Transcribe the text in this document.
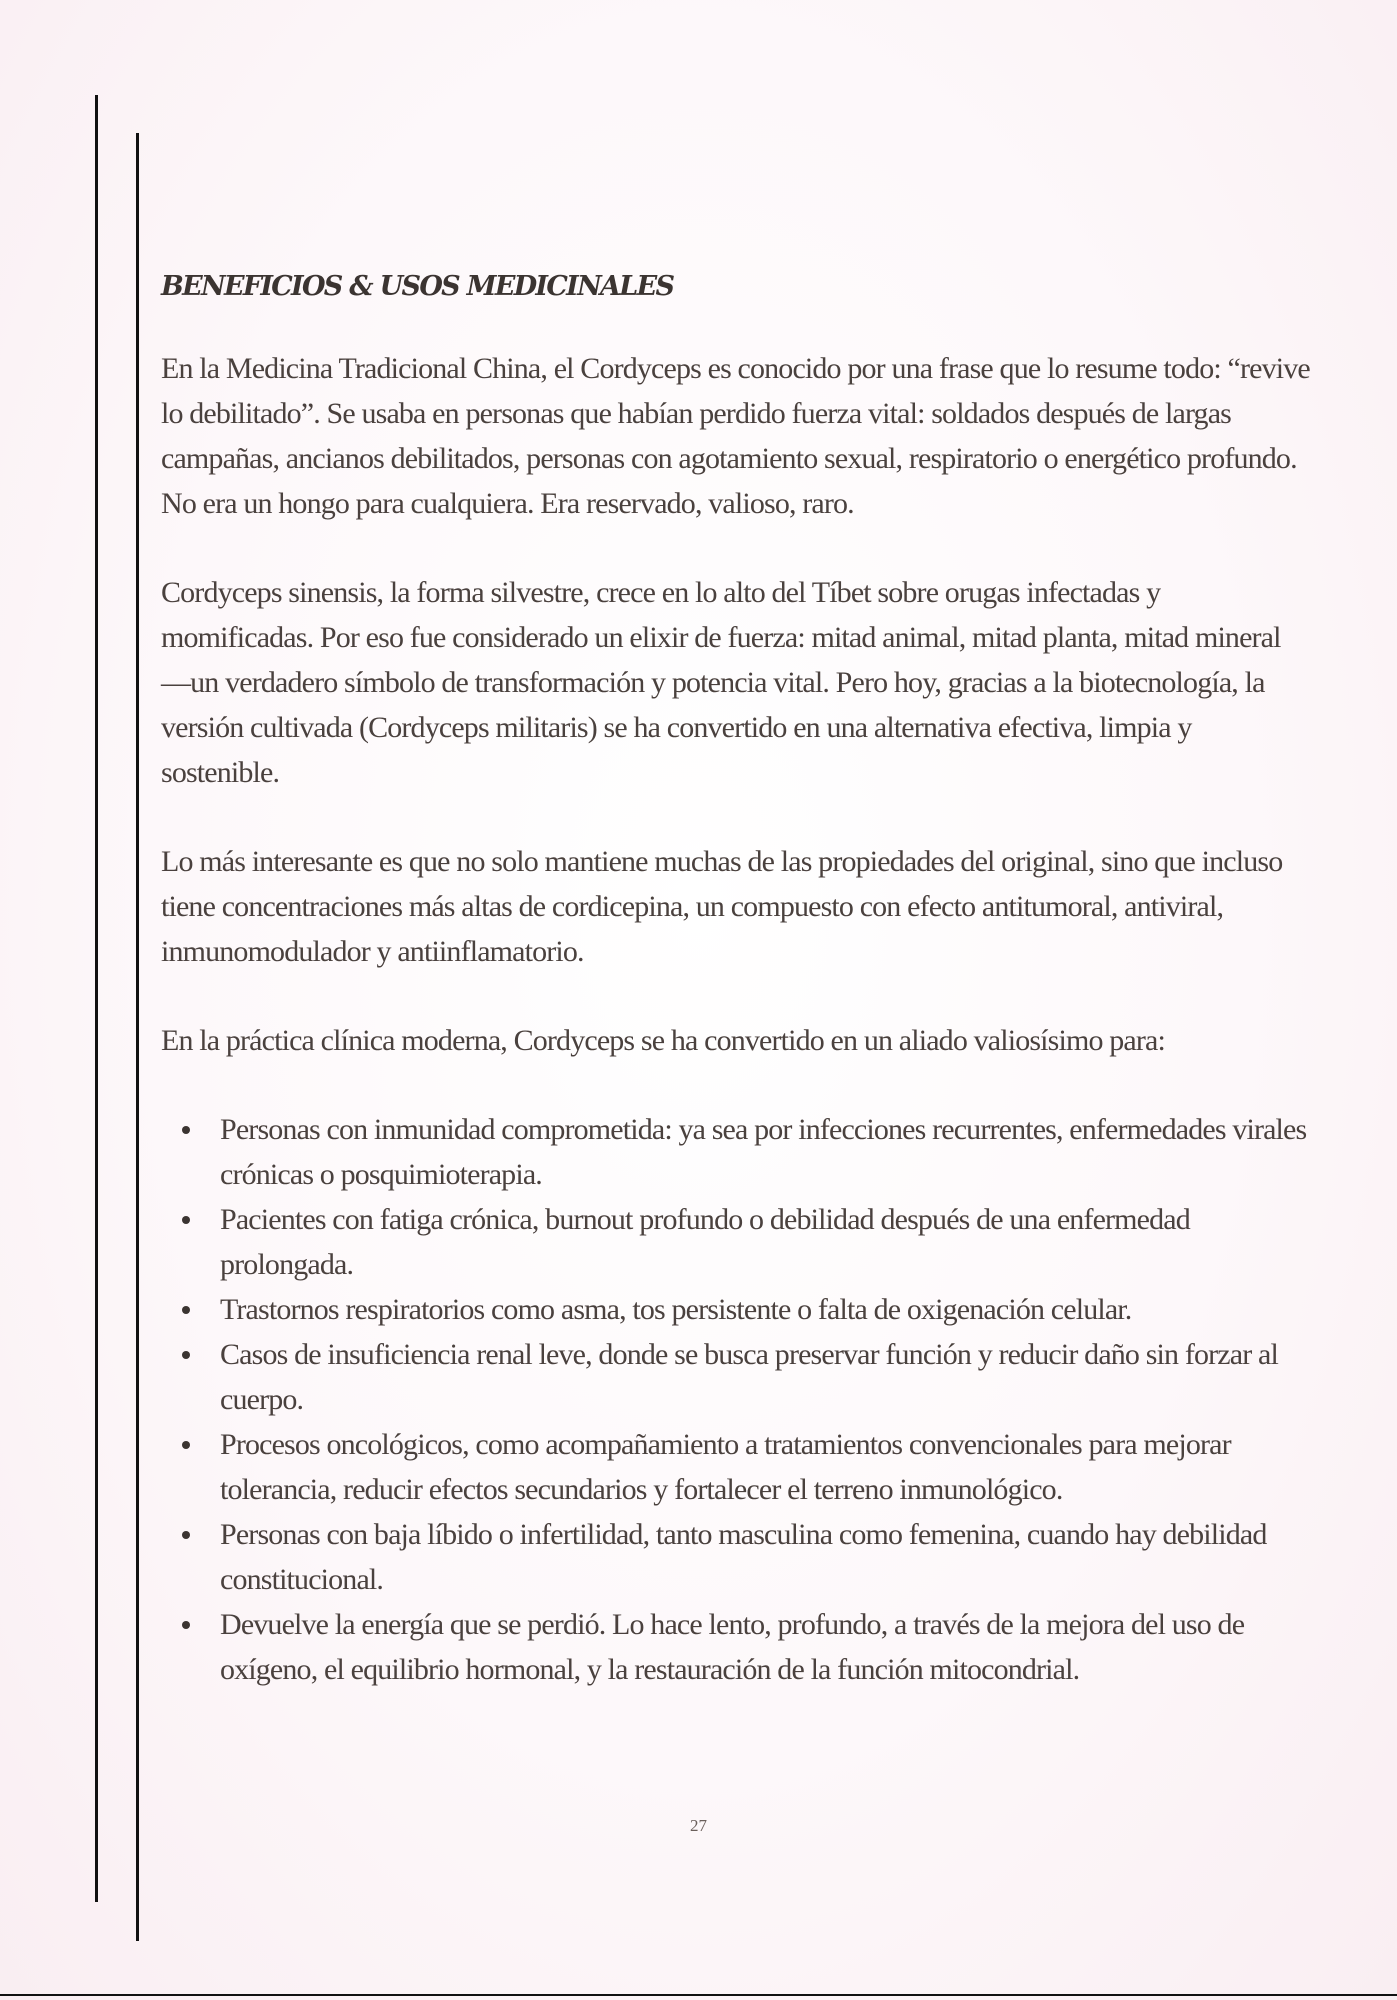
BENEFICIOS & USOS MEDICINALES

En la Medicina Tradicional China, el Cordyceps es conocido por una frase que lo resume todo: “revive lo debilitado”. Se usaba en personas que habían perdido fuerza vital: soldados después de largas campañas, ancianos debilitados, personas con agotamiento sexual, respiratorio o energético profundo. No era un hongo para cualquiera. Era reservado, valioso, raro.

Cordyceps sinensis, la forma silvestre, crece en lo alto del Tíbet sobre orugas infectadas y momificadas. Por eso fue considerado un elixir de fuerza: mitad animal, mitad planta, mitad mineral —un verdadero símbolo de transformación y potencia vital. Pero hoy, gracias a la biotecnología, la versión cultivada (Cordyceps militaris) se ha convertido en una alternativa efectiva, limpia y sostenible.

Lo más interesante es que no solo mantiene muchas de las propiedades del original, sino que incluso tiene concentraciones más altas de cordicepina, un compuesto con efecto antitumoral, antiviral, inmunomodulador y antiinflamatorio.

En la práctica clínica moderna, Cordyceps se ha convertido en un aliado valiosísimo para:

Personas con inmunidad comprometida: ya sea por infecciones recurrentes, enfermedades virales crónicas o posquimioterapia.
Pacientes con fatiga crónica, burnout profundo o debilidad después de una enfermedad prolongada.
Trastornos respiratorios como asma, tos persistente o falta de oxigenación celular.
Casos de insuficiencia renal leve, donde se busca preservar función y reducir daño sin forzar al cuerpo.
Procesos oncológicos, como acompañamiento a tratamientos convencionales para mejorar tolerancia, reducir efectos secundarios y fortalecer el terreno inmunológico.
Personas con baja líbido o infertilidad, tanto masculina como femenina, cuando hay debilidad constitucional.
Devuelve la energía que se perdió. Lo hace lento, profundo, a través de la mejora del uso de oxígeno, el equilibrio hormonal, y la restauración de la función mitocondrial.
27
